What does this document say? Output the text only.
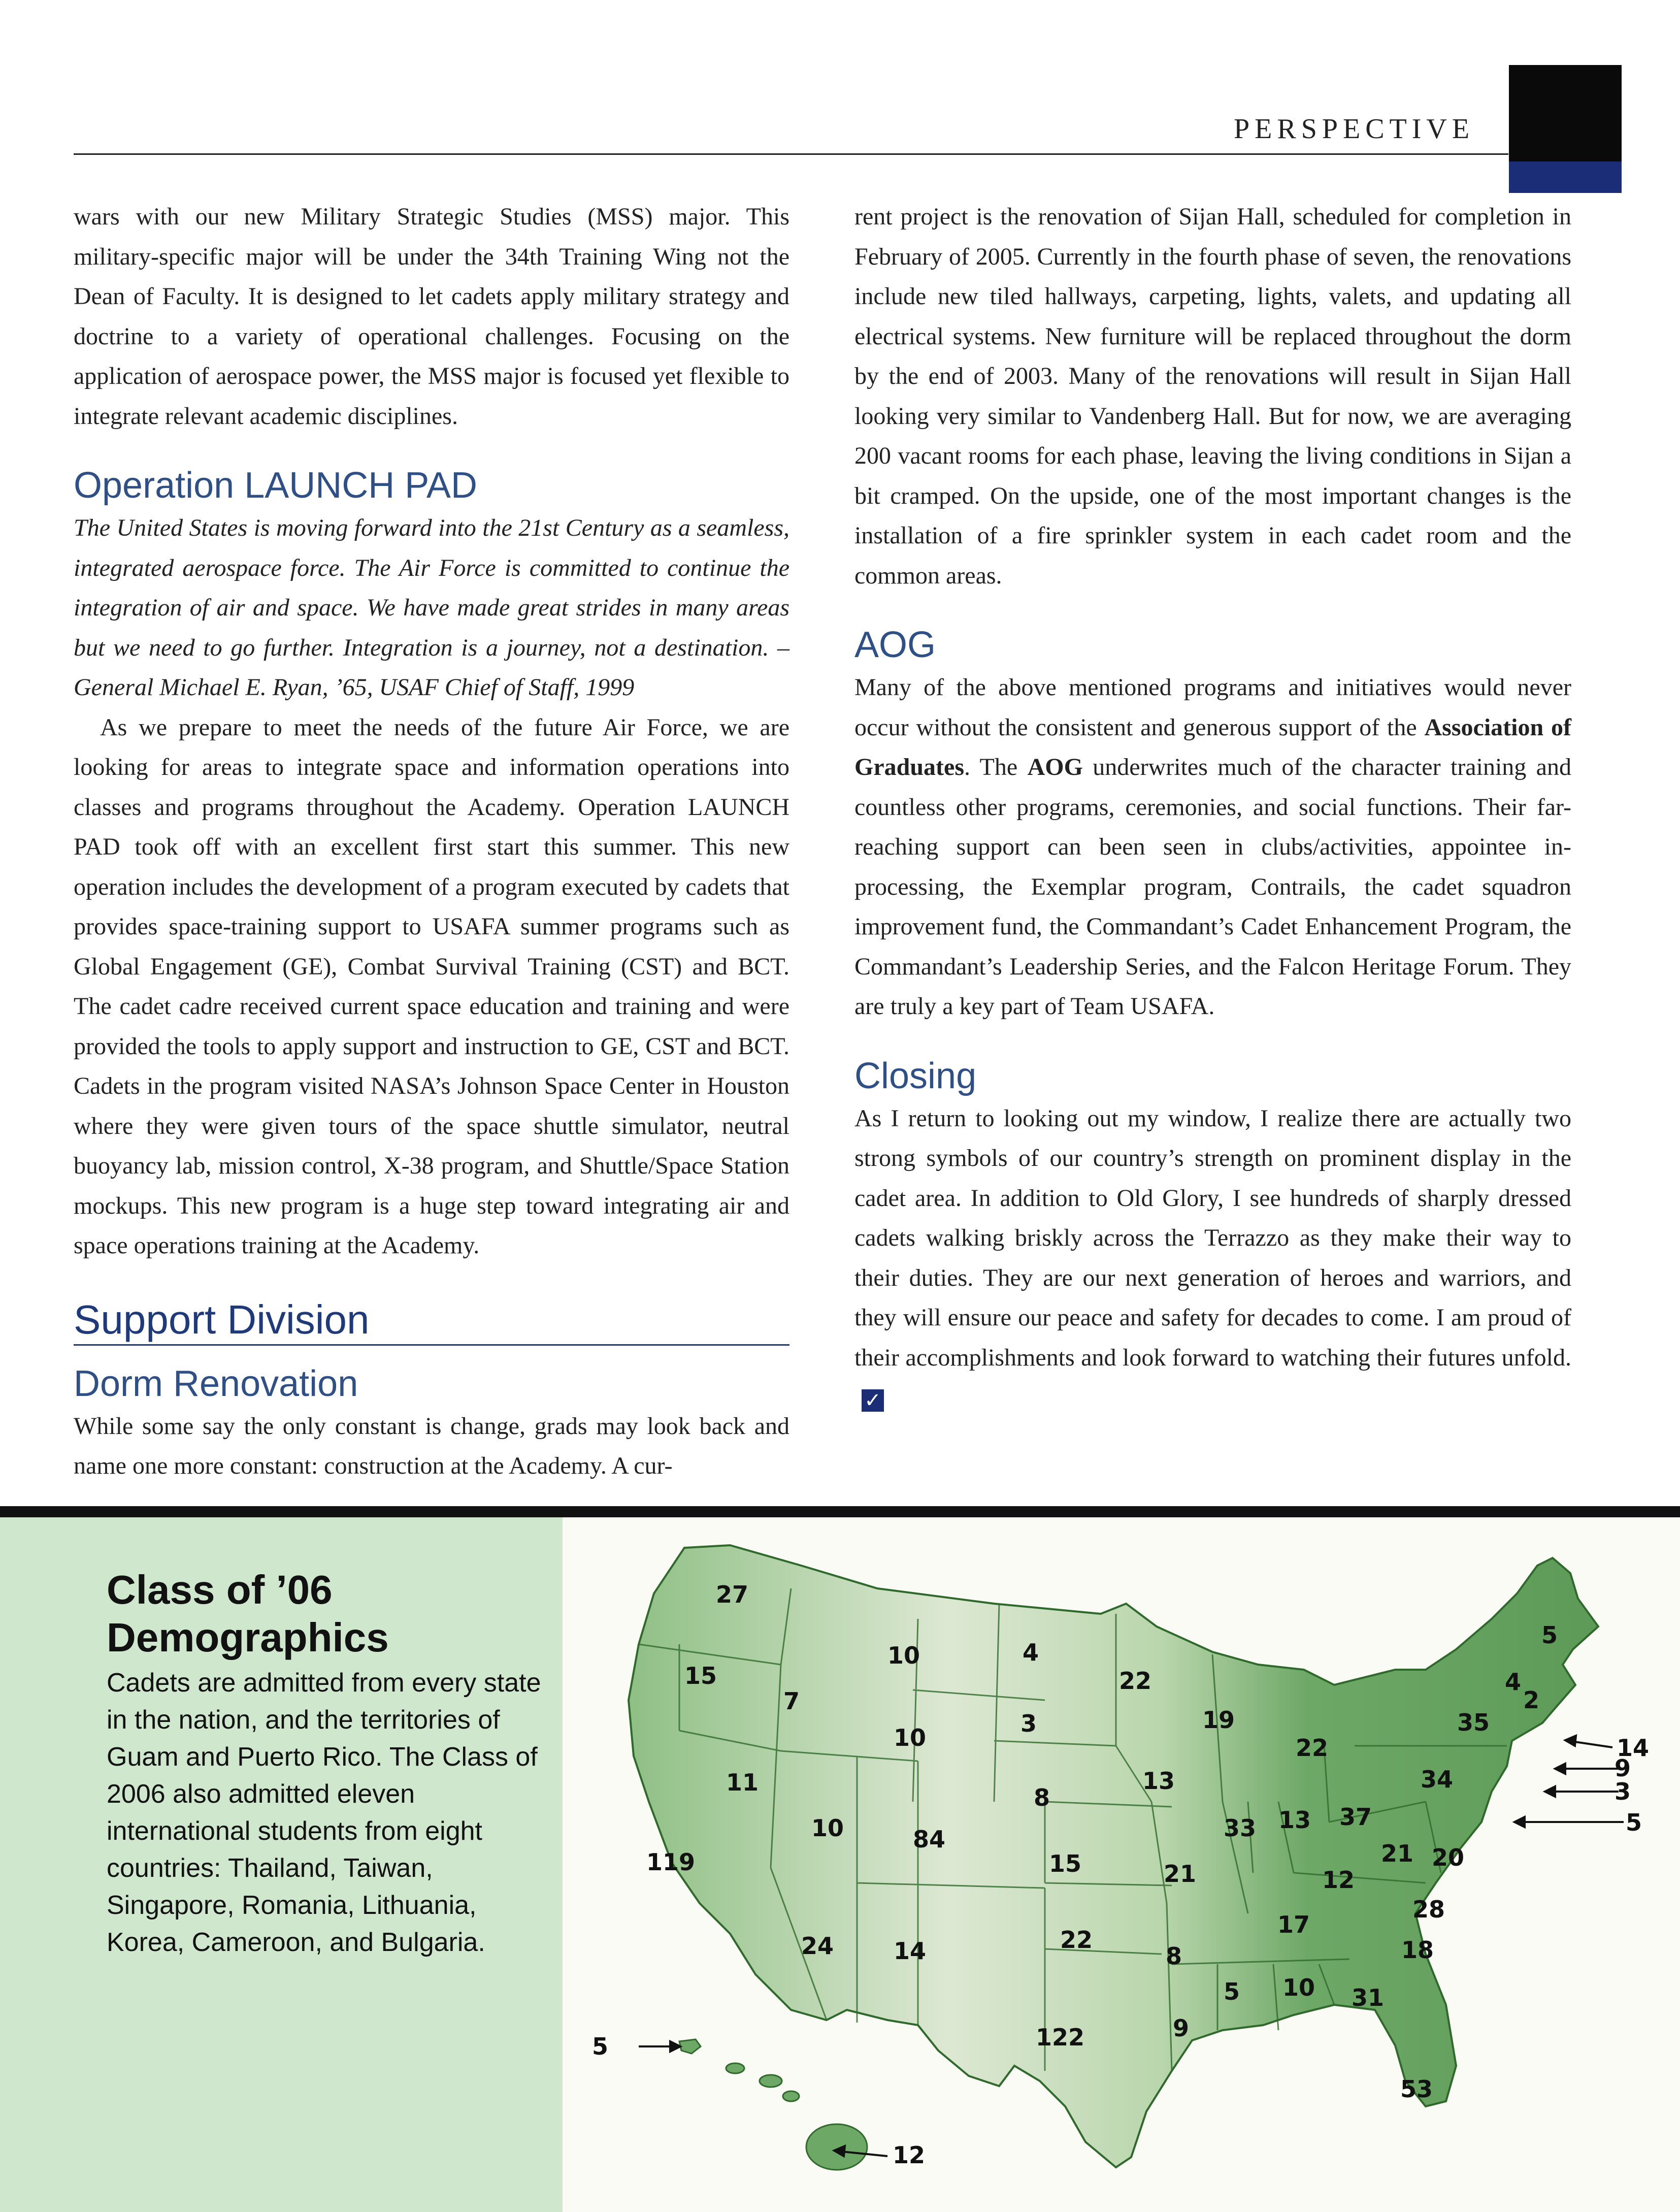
PERSPECTIVE

wars with our new Military Strategic Studies (MSS) major. This military-specific major will be under the 34th Training Wing not the Dean of Faculty. It is designed to let cadets apply military strategy and doctrine to a variety of operational challenges. Focusing on the application of aerospace power, the MSS major is focused yet flexible to integrate relevant academic disciplines.

Operation LAUNCH PAD

The United States is moving forward into the 21st Century as a seamless, integrated aerospace force. The Air Force is committed to continue the integration of air and space. We have made great strides in many areas but we need to go further. Integration is a journey, not a destination. –General Michael E. Ryan, ’65, USAF Chief of Staff, 1999

As we prepare to meet the needs of the future Air Force, we are looking for areas to integrate space and information operations into classes and programs throughout the Academy. Operation LAUNCH PAD took off with an excellent first start this summer. This new operation includes the development of a program executed by cadets that provides space-training support to USAFA summer programs such as Global Engagement (GE), Combat Survival Training (CST) and BCT. The cadet cadre received current space education and training and were provided the tools to apply support and instruction to GE, CST and BCT. Cadets in the program visited NASA’s Johnson Space Center in Houston where they were given tours of the space shuttle simulator, neutral buoyancy lab, mission control, X-38 program, and Shuttle/Space Station mockups. This new program is a huge step toward integrating air and space operations training at the Academy.

Support Division
Dorm Renovation

While some say the only constant is change, grads may look back and name one more constant: construction at the Academy. A cur-

rent project is the renovation of Sijan Hall, scheduled for completion in February of 2005. Currently in the fourth phase of seven, the renovations include new tiled hallways, carpeting, lights, valets, and updating all electrical systems. New furniture will be replaced throughout the dorm by the end of 2003. Many of the renovations will result in Sijan Hall looking very similar to Vandenberg Hall. But for now, we are averaging 200 vacant rooms for each phase, leaving the living conditions in Sijan a bit cramped. On the upside, one of the most important changes is the installation of a fire sprinkler system in each cadet room and the common areas.

AOG

Many of the above mentioned programs and initiatives would never occur without the consistent and generous support of the Association of Graduates. The AOG underwrites much of the character training and countless other programs, ceremonies, and social functions. Their far-reaching support can been seen in clubs/activities, appointee in-processing, the Exemplar program, Contrails, the cadet squadron improvement fund, the Commandant’s Cadet Enhancement Program, the Commandant’s Leadership Series, and the Falcon Heritage Forum. They are truly a key part of Team USAFA.

Closing

As I return to looking out my window, I realize there are actually two strong symbols of our country’s strength on prominent display in the cadet area. In addition to Old Glory, I see hundreds of sharply dressed cadets walking briskly across the Terrazzo as they make their way to their duties. They are our next generation of heroes and warriors, and they will ensure our peace and safety for decades to come. I am proud of their accomplishments and look forward to watching their futures unfold.✓

Class of ’06
Demographics
Cadets are admitted from every state in the nation, and the territories of Guam and Puerto Rico. The Class of 2006 also admitted eleven international students from eight countries: Thailand, Taiwan, Singapore, Romania, Lithuania, Korea, Cameroon, and Bulgaria.
27
15
7
10
10
4
3
8
15
22
122
14
24
10	84
11
119
22
13
21
8
9
19
33
22
13 37
12
17
5 10 31
53
18
28
20
21
34
35
4
2
5
14
9
3
5
12
5
